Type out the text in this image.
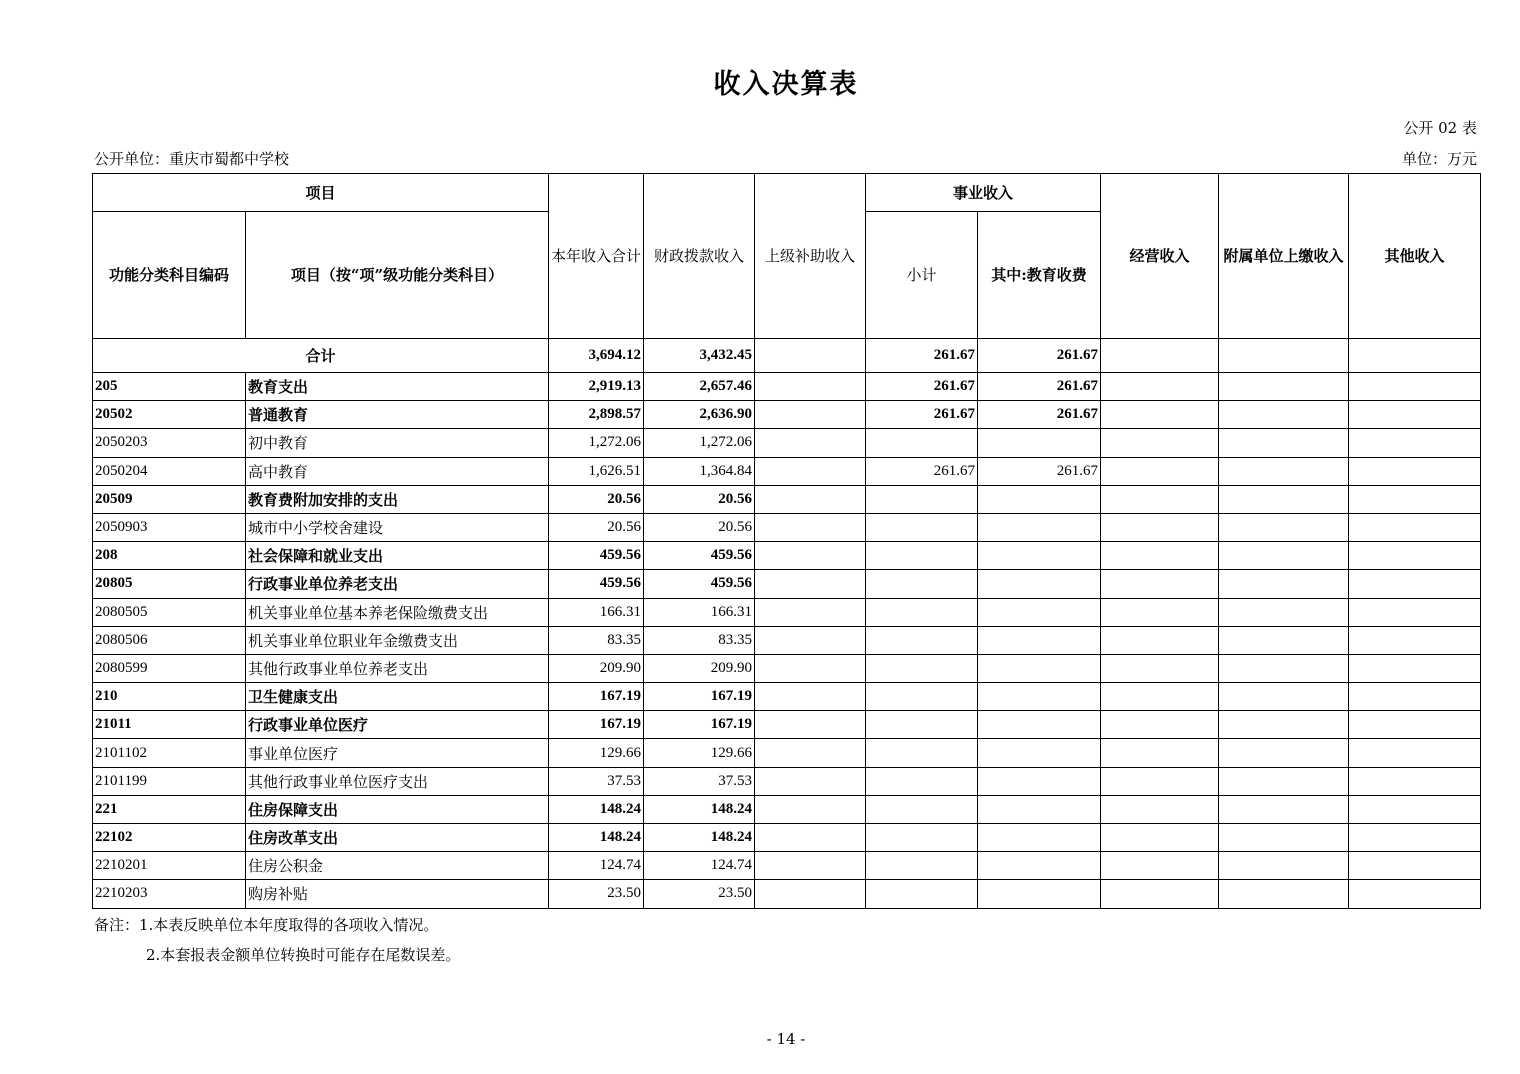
收入决算表
公开 02 表
公开单位：重庆市蜀都中学校	单位：万元
项目		本年收入合计	财政拨款收入	上级补助收入	事业收入		经营收入	附属单位上缴收入	其他收入
功能分类科目编码	项目（按“项”级功能分类科目）				小计	其中:教育收费			
合计		3,694.12	3,432.45		261.67	261.67			
205	教育支出	2,919.13	2,657.46		261.67	261.67			
20502	普通教育	2,898.57	2,636.90		261.67	261.67			
2050203	初中教育	1,272.06	1,272.06						
2050204	高中教育	1,626.51	1,364.84		261.67	261.67			
20509	教育费附加安排的支出	20.56	20.56						
2050903	城市中小学校舍建设	20.56	20.56						
208	社会保障和就业支出	459.56	459.56						
20805	行政事业单位养老支出	459.56	459.56						
2080505	机关事业单位基本养老保险缴费支出	166.31	166.31						
2080506	机关事业单位职业年金缴费支出	83.35	83.35						
2080599	其他行政事业单位养老支出	209.90	209.90						
210	卫生健康支出	167.19	167.19						
21011	行政事业单位医疗	167.19	167.19						
2101102	事业单位医疗	129.66	129.66						
2101199	其他行政事业单位医疗支出	37.53	37.53						
221	住房保障支出	148.24	148.24						
22102	住房改革支出	148.24	148.24						
2210201	住房公积金	124.74	124.74						
2210203	购房补贴	23.50	23.50						
备注：1.本表反映单位本年度取得的各项收入情况。
2.本套报表金额单位转换时可能存在尾数误差。
- 14 -
